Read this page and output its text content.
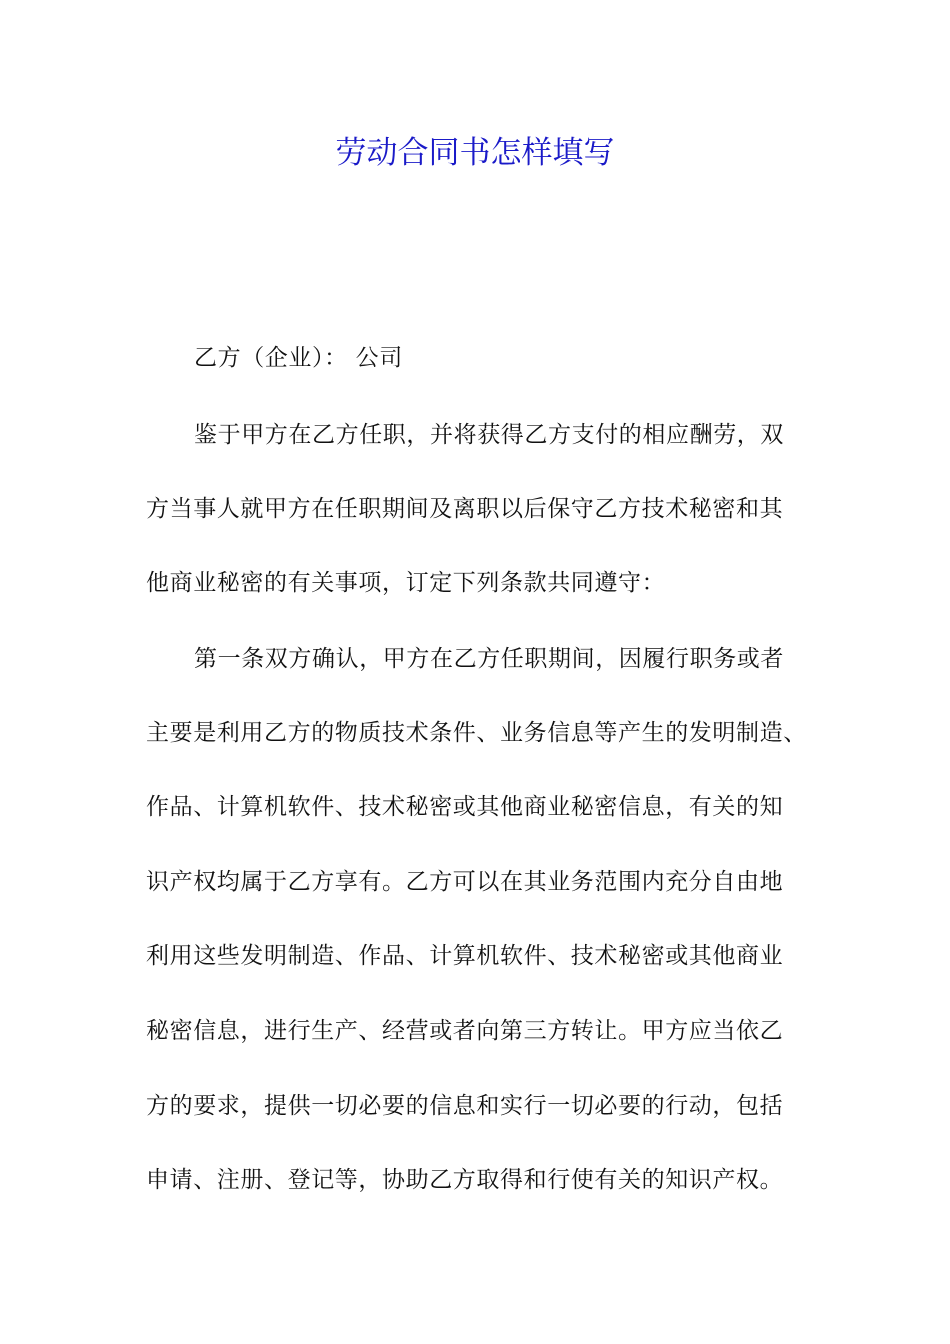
劳动合同书怎样填写
乙方（企业）： 公司
鉴于甲方在乙方任职，并将获得乙方支付的相应酬劳，双
方当事人就甲方在任职期间及离职以后保守乙方技术秘密和其
他商业秘密的有关事项，订定下列条款共同遵守：
第一条双方确认，甲方在乙方任职期间，因履行职务或者
主要是利用乙方的物质技术条件、业务信息等产生的发明制造、
作品、计算机软件、技术秘密或其他商业秘密信息，有关的知
识产权均属于乙方享有。乙方可以在其业务范围内充分自由地
利用这些发明制造、作品、计算机软件、技术秘密或其他商业
秘密信息，进行生产、经营或者向第三方转让。甲方应当依乙
方的要求，提供一切必要的信息和实行一切必要的行动，包括
申请、注册、登记等，协助乙方取得和行使有关的知识产权。
